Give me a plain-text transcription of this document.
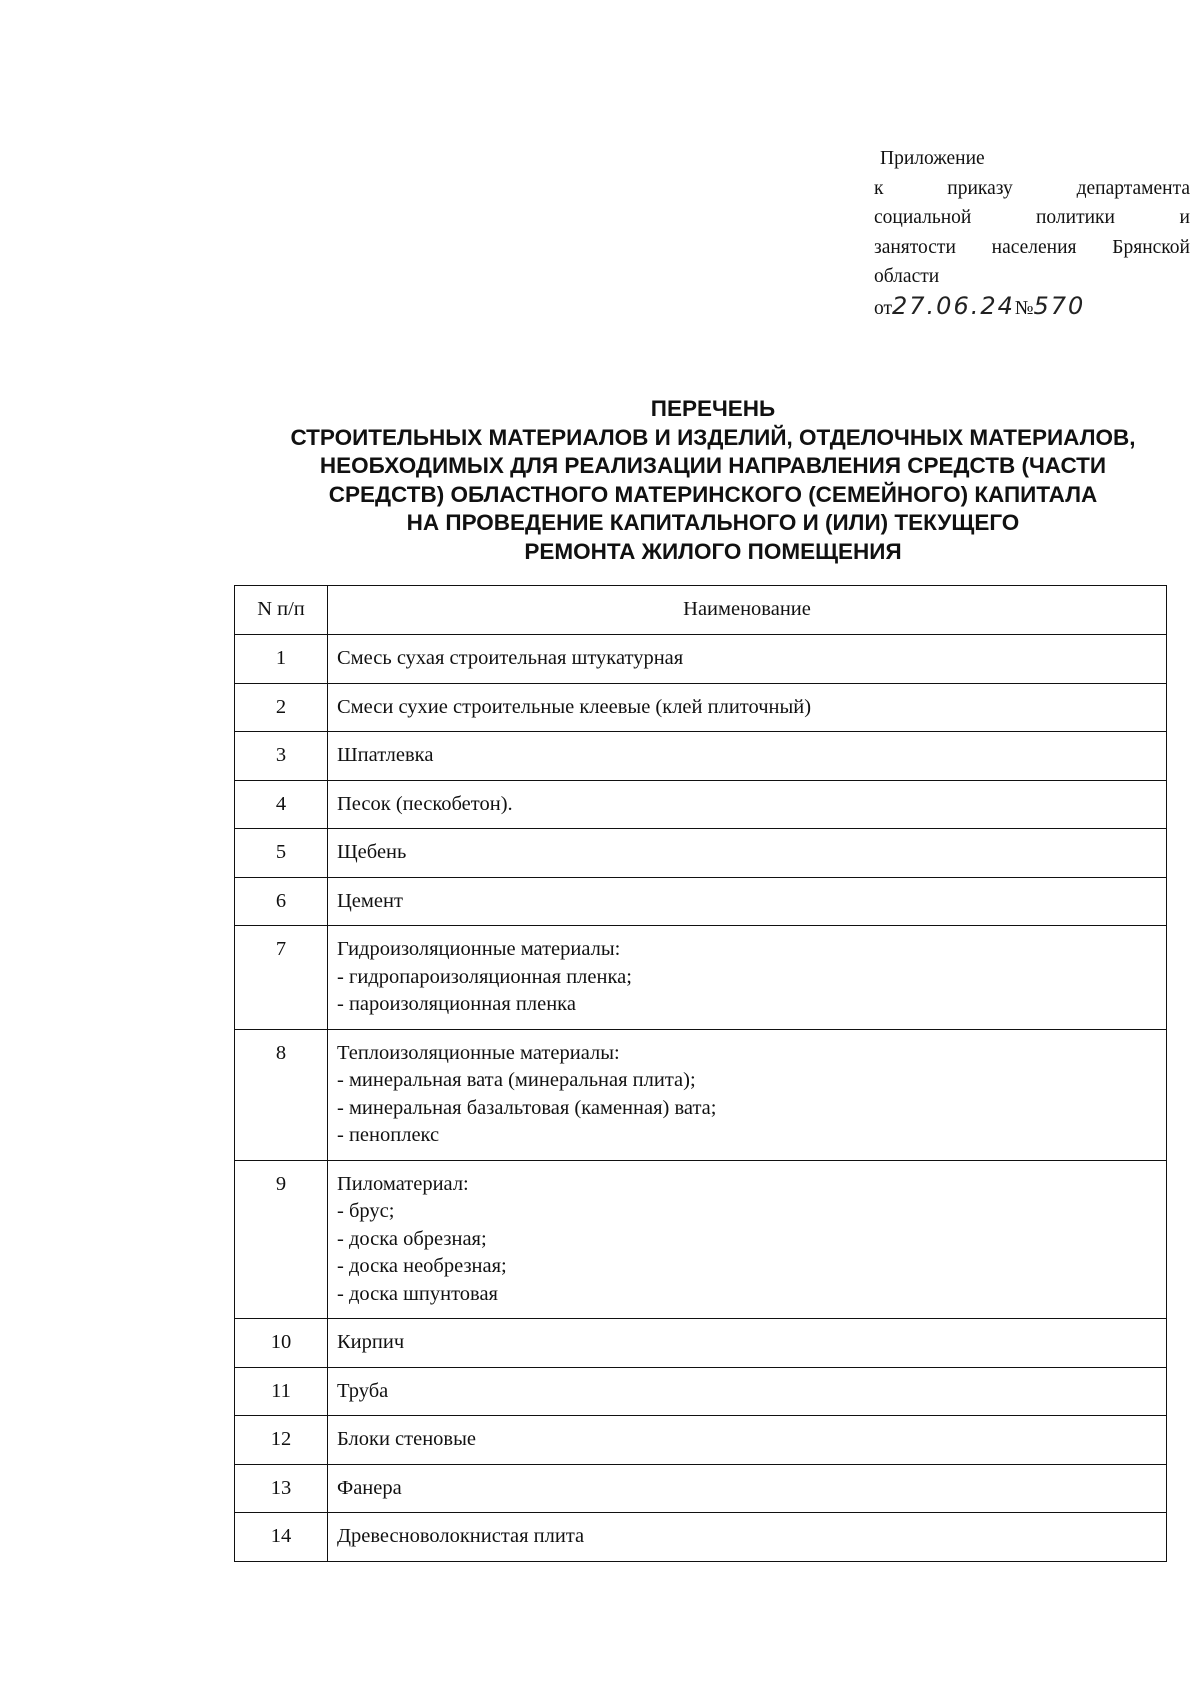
Приложение
к	приказу	департамента
социальной	политики	и
занятости населения Брянской
области
от 27.06.24 № 570
ПЕРЕЧЕНЬ
СТРОИТЕЛЬНЫХ МАТЕРИАЛОВ И ИЗДЕЛИЙ, ОТДЕЛОЧНЫХ МАТЕРИАЛОВ,
НЕОБХОДИМЫХ ДЛЯ РЕАЛИЗАЦИИ НАПРАВЛЕНИЯ СРЕДСТВ (ЧАСТИ
СРЕДСТВ) ОБЛАСТНОГО МАТЕРИНСКОГО (СЕМЕЙНОГО) КАПИТАЛА
НА ПРОВЕДЕНИЕ КАПИТАЛЬНОГО И (ИЛИ) ТЕКУЩЕГО
РЕМОНТА ЖИЛОГО ПОМЕЩЕНИЯ
N п/п	Наименование
1	Смесь сухая строительная штукатурная

2	Смеси сухие строительные клеевые (клей плиточный)

3	Шпатлевка

4	Песок (пескобетон).

5	Щебень

6	Цемент

7	Гидроизоляционные материалы:
- гидропароизоляционная пленка;
- пароизоляционная пленка

8	Теплоизоляционные материалы:
- минеральная вата (минеральная плита);
- минеральная базальтовая (каменная) вата;
- пеноплекс

9	Пиломатериал:
- брус;
- доска обрезная;
- доска необрезная;
- доска шпунтовая

10	Кирпич

11	Труба

12	Блоки стеновые

13	Фанера

14	Древесноволокнистая плита
